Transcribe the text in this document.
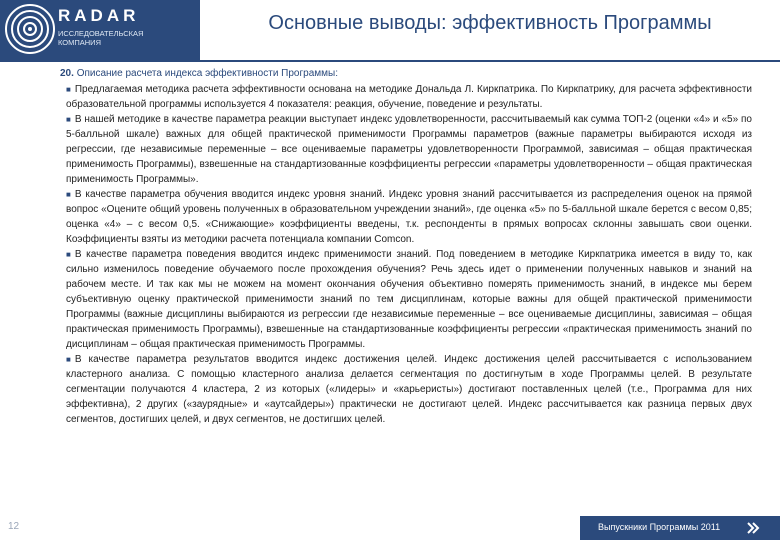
RADAR
ИССЛЕДОВАТЕЛЬСКАЯ КОМПАНИЯ
Основные выводы: эффективность Программы
20. Описание расчета индекса эффективности Программы:
■ Предлагаемая методика расчета эффективности основана на методике Дональда Л. Киркпатрика. По Киркпатрику, для расчета эффективности образовательной программы используется 4 показателя: реакция, обучение, поведение и результаты.
■ В нашей методике в качестве параметра реакции выступает индекс удовлетворенности, рассчитываемый как сумма ТОП-2 (оценки «4» и «5» по 5-балльной шкале) важных для общей практической применимости Программы параметров (важные параметры выбираются исходя из регрессии, где независимые переменные – все оцениваемые параметры удовлетворенности Программой, зависимая – общая практическая применимость Программы), взвешенные на стандартизованные коэффициенты регрессии «параметры удовлетворенности – общая практическая применимость Программы».
■ В качестве параметра обучения вводится индекс уровня знаний. Индекс уровня знаний рассчитывается из распределения оценок на прямой вопрос «Оцените общий уровень полученных в образовательном учреждении знаний», где оценка «5» по 5-балльной шкале берется с весом 0,85; оценка «4» – с весом 0,5. «Снижающие» коэффициенты введены, т.к. респонденты в прямых вопросах склонны завышать свои оценки. Коэффициенты взяты из методики расчета потенциала компании Comcon.
■ В качестве параметра поведения вводится индекс применимости знаний. Под поведением в методике Киркпатрика имеется в виду то, как сильно изменилось поведение обучаемого после прохождения обучения? Речь здесь идет о применении полученных навыков и знаний на рабочем месте. И так как мы не можем на момент окончания обучения объективно померять применимость знаний, в индексе мы берем субъективную оценку практической применимости знаний по тем дисциплинам, которые важны для общей практической применимости Программы (важные дисциплины выбираются из регрессии где независимые переменные – все оцениваемые дисциплины, зависимая – общая практическая применимость Программы), взвешенные на стандартизованные коэффициенты регрессии «практическая применимость знаний по дисциплинам – общая практическая применимость Программы.
■ В качестве параметра результатов вводится индекс достижения целей. Индекс достижения целей рассчитывается с использованием кластерного анализа. С помощью кластерного анализа делается сегментация по достигнутым в ходе Программы целей. В результате сегментации получаются 4 кластера, 2 из которых («лидеры» и «карьеристы») достигают поставленных целей (т.е., Программа для них эффективна), 2 других («заурядные» и «аутсайдеры») практически не достигают целей. Индекс рассчитывается как разница первых двух сегментов, достигших целей, и двух сегментов, не достигших целей.
12	Выпускники Программы 2011
